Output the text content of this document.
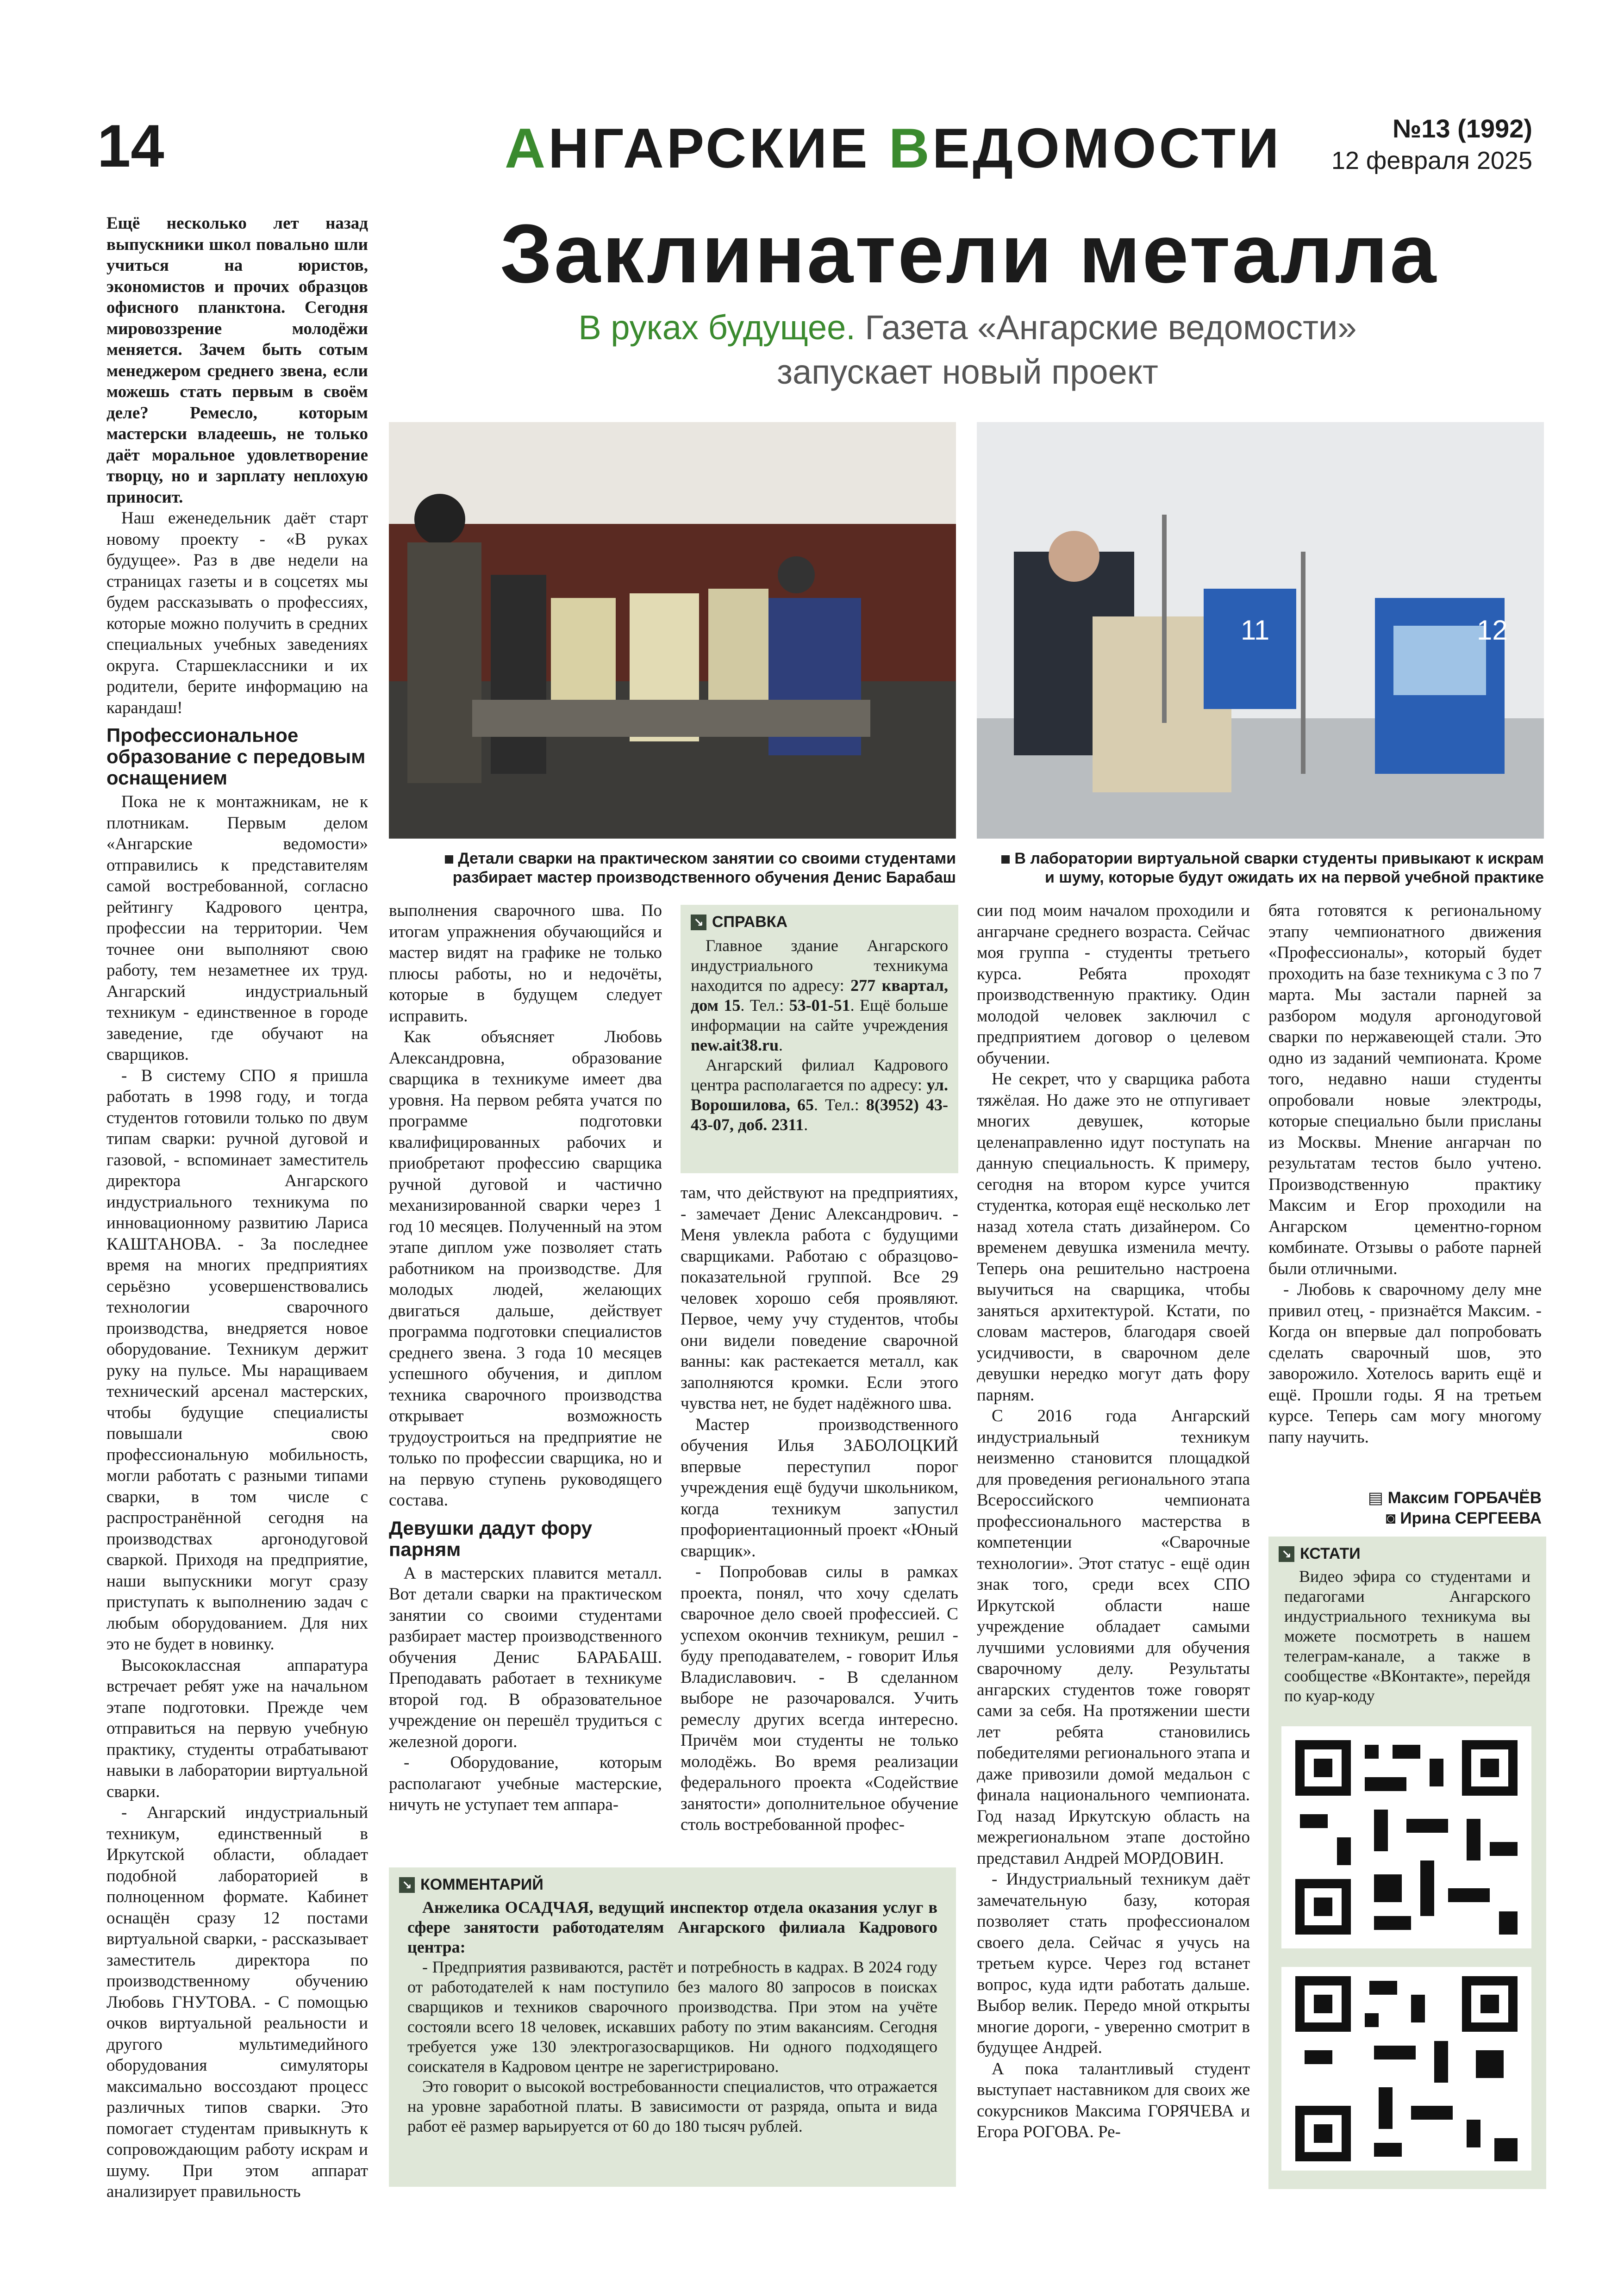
14	АНГАРСКИЕ ВЕДОМОСТИ	№13 (1992)
12 февраля 2025
Заклинатели металла
В руках будущее. Газета «Ангарские ведомости» запускает новый проект

Ещё несколько лет назад выпускники школ повально шли учиться на юристов, экономистов и прочих образцов офисного планктона. Сегодня мировоззрение молодёжи меняется. Зачем быть сотым менеджером среднего звена, если можешь стать первым в своём деле? Ремесло, которым мастерски владеешь, не только даёт моральное удовлетворение творцу, но и зарплату неплохую приносит.

Наш еженедельник даёт старт новому проекту - «В руках будущее». Раз в две недели на страницах газеты и в соцсетях мы будем рассказывать о профессиях, которые можно получить в средних специальных учебных заведениях округа. Старшеклассники и их родители, берите информацию на карандаш!

Профессиональное образование с передовым оснащением

Пока не к монтажникам, не к плотникам. Первым делом «Ангарские ведомости» отправились к представителям самой востребованной, согласно рейтингу Кадрового центра, профессии на территории. Чем точнее они выполняют свою работу, тем незаметнее их труд. Ангарский индустриальный техникум - единственное в городе заведение, где обучают на сварщиков.

- В систему СПО я пришла работать в 1998 году, и тогда студентов готовили только по двум типам сварки: ручной дуговой и газовой, - вспоминает заместитель директора Ангарского индустриального техникума по инновационному развитию Лариса КАШТАНОВА. - За последнее время на многих предприятиях серьёзно усовершенствовались технологии сварочного производства, внедряется новое оборудование. Техникум держит руку на пульсе. Мы наращиваем технический арсенал мастерских, чтобы будущие специалисты повышали свою профессиональную мобильность, могли работать с разными типами сварки, в том числе с распространённой сегодня на производствах аргонодуговой сваркой. Приходя на предприятие, наши выпускники могут сразу приступать к выполнению задач с любым оборудованием. Для них это не будет в новинку.

Высококлассная аппаратура встречает ребят уже на начальном этапе подготовки. Прежде чем отправиться на первую учебную практику, студенты отрабатывают навыки в лаборатории виртуальной сварки.

- Ангарский индустриальный техникум, единственный в Иркутской области, обладает подобной лабораторией в полноценном формате. Кабинет оснащён сразу 12 постами виртуальной сварки, - рассказывает заместитель директора по производственному обучению Любовь ГНУТОВА. - С помощью очков виртуальной реальности и другого мультимедийного оборудования симуляторы максимально воссоздают процесс различных типов сварки. Это помогает студентам привыкнуть к сопровождающим работу искрам и шуму. При этом аппарат анализирует правильность

Детали сварки на практическом занятии со своими студентами
разбирает мастер производственного обучения Денис Барабаш
11	12
В лаборатории виртуальной сварки студенты привыкают к искрам
и шуму, которые будут ожидать их на первой учебной практике

выполнения сварочного шва. По итогам упражнения обучающийся и мастер видят на графике не только плюсы работы, но и недочёты, которые в будущем следует исправить.

Как объясняет Любовь Александровна, образование сварщика в техникуме имеет два уровня. На первом ребята учатся по программе подготовки квалифицированных рабочих и приобретают профессию сварщика ручной дуговой и частично механизированной сварки через 1 год 10 месяцев. Полученный на этом этапе диплом уже позволяет стать работником на производстве. Для молодых людей, желающих двигаться дальше, действует программа подготовки специалистов среднего звена. 3 года 10 месяцев успешного обучения, и диплом техника сварочного производства открывает возможность трудоустроиться на предприятие не только по профессии сварщика, но и на первую ступень руководящего состава.

Девушки дадут фору парням

А в мастерских плавится металл. Вот детали сварки на практическом занятии со своими студентами разбирает мастер производственного обучения Денис БАРАБАШ. Преподавать работает в техникуме второй год. В образовательное учреждение он перешёл трудиться с железной дороги.

- Оборудование, которым располагают учебные мастерские, ничуть не уступает тем аппара-

↘ СПРАВКА

Главное здание Ангарского индустриального техникума находится по адресу: 277 квартал, дом 15. Тел.: 53-01-51. Ещё больше информации на сайте учреждения new.ait38.ru.

Ангарский филиал Кадрового центра располагается по адресу: ул. Ворошилова, 65. Тел.: 8(3952) 43-43-07, доб. 2311.

там, что действуют на предприятиях, - замечает Денис Александрович. - Меня увлекла работа с будущими сварщиками. Работаю с образцово-показательной группой. Все 29 человек хорошо себя проявляют. Первое, чему учу студентов, чтобы они видели поведение сварочной ванны: как растекается металл, как заполняются кромки. Если этого чувства нет, не будет надёжного шва.

Мастер производственного обучения Илья ЗАБОЛОЦКИЙ впервые переступил порог учреждения ещё будучи школьником, когда техникум запустил профориентационный проект «Юный сварщик».

- Попробовав силы в рамках проекта, понял, что хочу сделать сварочное дело своей профессией. С успехом окончив техникум, решил - буду преподавателем, - говорит Илья Владиславович. - В сделанном выборе не разочаровался. Учить ремеслу других всегда интересно. Причём мои студенты не только молодёжь. Во время реализации федерального проекта «Содействие занятости» дополнительное обучение столь востребованной профес-

↘ КОММЕНТАРИЙ

Анжелика ОСАДЧАЯ, ведущий инспектор отдела оказания услуг в сфере занятости работодателям Ангарского филиала Кадрового центра:

- Предприятия развиваются, растёт и потребность в кадрах. В 2024 году от работодателей к нам поступило без малого 80 запросов в поисках сварщиков и техников сварочного производства. При этом на учёте состояли всего 18 человек, искавших работу по этим вакансиям. Сегодня требуется уже 130 электрогазосварщиков. Ни одного подходящего соискателя в Кадровом центре не зарегистрировано.

Это говорит о высокой востребованности специалистов, что отражается на уровне заработной платы. В зависимости от разряда, опыта и вида работ её размер варьируется от 60 до 180 тысяч рублей.

сии под моим началом проходили и ангарчане среднего возраста. Сейчас моя группа - студенты третьего курса. Ребята проходят производственную практику. Один молодой человек заключил с предприятием договор о целевом обучении.

Не секрет, что у сварщика работа тяжёлая. Но даже это не отпугивает многих девушек, которые целенаправленно идут поступать на данную специальность. К примеру, сегодня на втором курсе учится студентка, которая ещё несколько лет назад хотела стать дизайнером. Со временем девушка изменила мечту. Теперь она решительно настроена выучиться на сварщика, чтобы заняться архитектурой. Кстати, по словам мастеров, благодаря своей усидчивости, в сварочном деле девушки нередко могут дать фору парням.

С 2016 года Ангарский индустриальный техникум неизменно становится площадкой для проведения регионального этапа Всероссийского чемпионата профессионального мастерства в компетенции «Сварочные технологии». Этот статус - ещё один знак того, среди всех СПО Иркутской области наше учреждение обладает самыми лучшими условиями для обучения сварочному делу. Результаты ангарских студентов тоже говорят сами за себя. На протяжении шести лет ребята становились победителями регионального этапа и даже привозили домой медальон с финала национального чемпионата. Год назад Иркутскую область на межрегиональном этапе достойно представил Андрей МОРДОВИН.

- Индустриальный техникум даёт замечательную базу, которая позволяет стать профессионалом своего дела. Сейчас я учусь на третьем курсе. Через год встанет вопрос, куда идти работать дальше. Выбор велик. Передо мной открыты многие дороги, - уверенно смотрит в будущее Андрей.

А пока талантливый студент выступает наставником для своих же сокурсников Максима ГОРЯЧЕВА и Егора РОГОВА. Ре-

бята готовятся к региональному этапу чемпионатного движения «Профессионалы», который будет проходить на базе техникума с 3 по 7 марта. Мы застали парней за разбором модуля аргонодуговой сварки по нержавеющей стали. Это одно из заданий чемпионата. Кроме того, недавно наши студенты опробовали новые электроды, которые специально были присланы из Москвы. Мнение ангарчан по результатам тестов было учтено. Производственную практику Максим и Егор проходили на Ангарском цементно-горном комбинате. Отзывы о работе парней были отличными.

- Любовь к сварочному делу мне привил отец, - признаётся Максим. - Когда он впервые дал попробовать сделать сварочный шов, это заворожило. Хотелось варить ещё и ещё. Прошли годы. Я на третьем курсе. Теперь сам могу многому папу научить.

▤ Максим ГОРБАЧЁВ
◙ Ирина СЕРГЕЕВА
↘ КСТАТИ

Видео эфира со студентами и педагогами Ангарского индустриального техникума вы можете посмотреть в нашем телеграм-канале, а также в сообществе «ВКонтакте», перейдя по куар-коду
